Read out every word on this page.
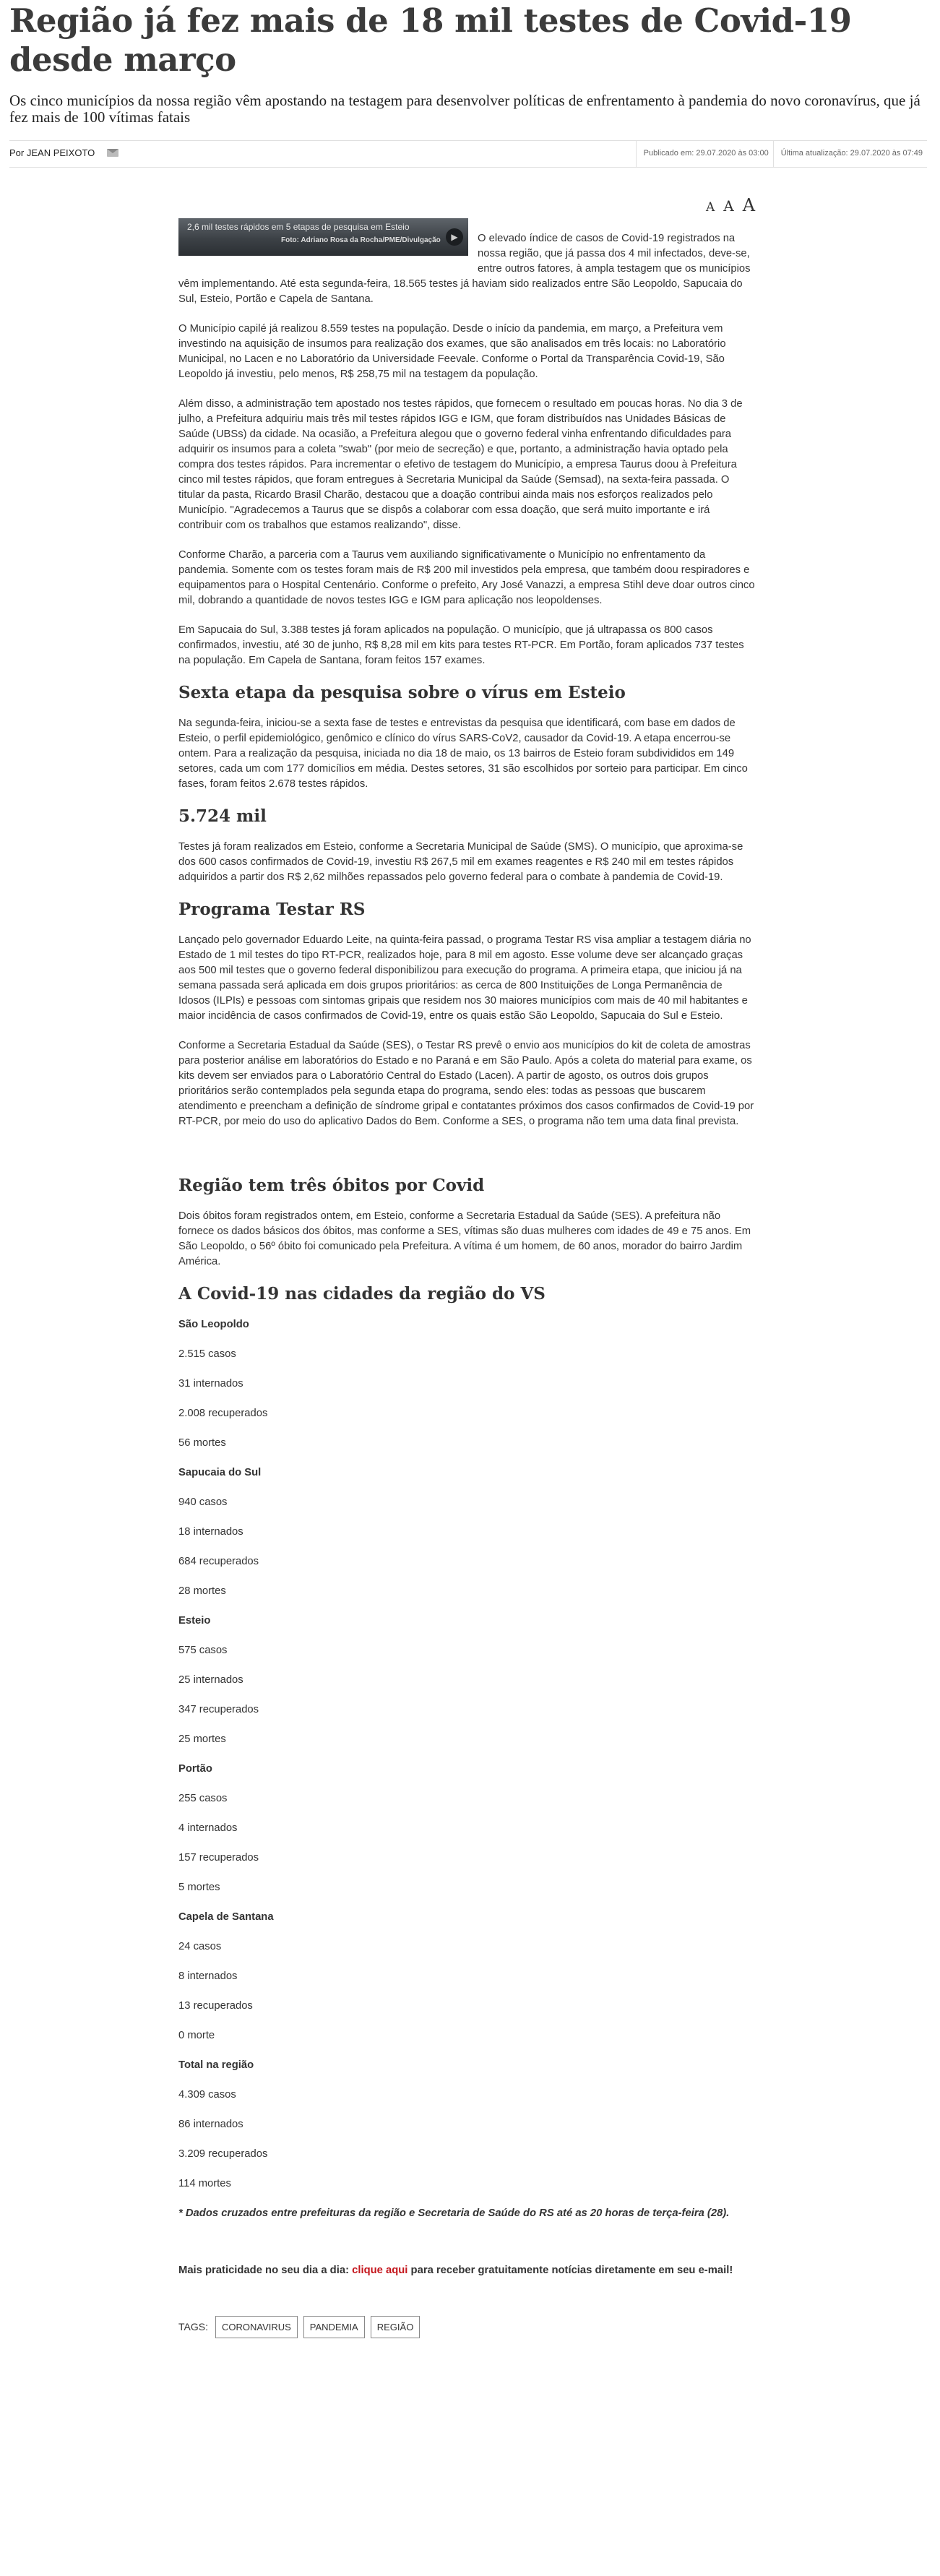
Região já fez mais de 18 mil testes de Covid-19 desde março

Os cinco municípios da nossa região vêm apostando na testagem para desenvolver políticas de enfrentamento à pandemia do novo coronavírus, que já fez mais de 100 vítimas fatais

Por JEAN PEIXOTO	Publicado em: 29.07.2020 às 03:00	Última atualização: 29.07.2020 às 07:49
A A A
2,6 mil testes rápidos em 5 etapas de pesquisa em Esteio
Foto: Adriano Rosa da Rocha/PME/Divulgação	▶	O elevado índice de casos de Covid-19 registrados na nossa região, que já passa dos 4 mil infectados, deve-se, entre outros fatores, à ampla testagem que os municípios vêm implementando. Até esta segunda-feira, 18.565 testes já haviam sido realizados entre São Leopoldo, Sapucaia do Sul, Esteio, Portão e Capela de Santana.

O Município capilé já realizou 8.559 testes na população. Desde o início da pandemia, em março, a Prefeitura vem investindo na aquisição de insumos para realização dos exames, que são analisados em três locais: no Laboratório Municipal, no Lacen e no Laboratório da Universidade Feevale. Conforme o Portal da Transparência Covid-19, São Leopoldo já investiu, pelo menos, R$ 258,75 mil na testagem da população.

Além disso, a administração tem apostado nos testes rápidos, que fornecem o resultado em poucas horas. No dia 3 de julho, a Prefeitura adquiriu mais três mil testes rápidos IGG e IGM, que foram distribuídos nas Unidades Básicas de Saúde (UBSs) da cidade. Na ocasião, a Prefeitura alegou que o governo federal vinha enfrentando dificuldades para adquirir os insumos para a coleta "swab" (por meio de secreção) e que, portanto, a administração havia optado pela compra dos testes rápidos. Para incrementar o efetivo de testagem do Município, a empresa Taurus doou à Prefeitura cinco mil testes rápidos, que foram entregues à Secretaria Municipal da Saúde (Semsad), na sexta-feira passada. O titular da pasta, Ricardo Brasil Charão, destacou que a doação contribui ainda mais nos esforços realizados pelo Município. "Agradecemos a Taurus que se dispôs a colaborar com essa doação, que será muito importante e irá contribuir com os trabalhos que estamos realizando", disse.

Conforme Charão, a parceria com a Taurus vem auxiliando significativamente o Município no enfrentamento da pandemia. Somente com os testes foram mais de R$ 200 mil investidos pela empresa, que também doou respiradores e equipamentos para o Hospital Centenário. Conforme o prefeito, Ary José Vanazzi, a empresa Stihl deve doar outros cinco mil, dobrando a quantidade de novos testes IGG e IGM para aplicação nos leopoldenses.

Em Sapucaia do Sul, 3.388 testes já foram aplicados na população. O município, que já ultrapassa os 800 casos confirmados, investiu, até 30 de junho, R$ 8,28 mil em kits para testes RT-PCR. Em Portão, foram aplicados 737 testes na população. Em Capela de Santana, foram feitos 157 exames.

Sexta etapa da pesquisa sobre o vírus em Esteio

Na segunda-feira, iniciou-se a sexta fase de testes e entrevistas da pesquisa que identificará, com base em dados de Esteio, o perfil epidemiológico, genômico e clínico do vírus SARS-CoV2, causador da Covid-19. A etapa encerrou-se ontem. Para a realização da pesquisa, iniciada no dia 18 de maio, os 13 bairros de Esteio foram subdivididos em 149 setores, cada um com 177 domicílios em média. Destes setores, 31 são escolhidos por sorteio para participar. Em cinco fases, foram feitos 2.678 testes rápidos.

5.724 mil

Testes já foram realizados em Esteio, conforme a Secretaria Municipal de Saúde (SMS). O município, que aproxima-se dos 600 casos confirmados de Covid-19, investiu R$ 267,5 mil em exames reagentes e R$ 240 mil em testes rápidos adquiridos a partir dos R$ 2,62 milhões repassados pelo governo federal para o combate à pandemia de Covid-19.

Programa Testar RS

Lançado pelo governador Eduardo Leite, na quinta-feira passad, o programa Testar RS visa ampliar a testagem diária no Estado de 1 mil testes do tipo RT-PCR, realizados hoje, para 8 mil em agosto. Esse volume deve ser alcançado graças aos 500 mil testes que o governo federal disponibilizou para execução do programa. A primeira etapa, que iniciou já na semana passada será aplicada em dois grupos prioritários: as cerca de 800 Instituições de Longa Permanência de Idosos (ILPIs) e pessoas com sintomas gripais que residem nos 30 maiores municípios com mais de 40 mil habitantes e maior incidência de casos confirmados de Covid-19, entre os quais estão São Leopoldo, Sapucaia do Sul e Esteio.

Conforme a Secretaria Estadual da Saúde (SES), o Testar RS prevê o envio aos municípios do kit de coleta de amostras para posterior análise em laboratórios do Estado e no Paraná e em São Paulo. Após a coleta do material para exame, os kits devem ser enviados para o Laboratório Central do Estado (Lacen). A partir de agosto, os outros dois grupos prioritários serão contemplados pela segunda etapa do programa, sendo eles: todas as pessoas que buscarem atendimento e preencham a definição de síndrome gripal e contatantes próximos dos casos confirmados de Covid-19 por RT-PCR, por meio do uso do aplicativo Dados do Bem. Conforme a SES, o programa não tem uma data final prevista.

Região tem três óbitos por Covid

Dois óbitos foram registrados ontem, em Esteio, conforme a Secretaria Estadual da Saúde (SES). A prefeitura não fornece os dados básicos dos óbitos, mas conforme a SES, vítimas são duas mulheres com idades de 49 e 75 anos. Em São Leopoldo, o 56º óbito foi comunicado pela Prefeitura. A vítima é um homem, de 60 anos, morador do bairro Jardim América.

A Covid-19 nas cidades da região do VS

São Leopoldo

2.515 casos

31 internados

2.008 recuperados

56 mortes

Sapucaia do Sul

940 casos

18 internados

684 recuperados

28 mortes

Esteio

575 casos

25 internados

347 recuperados

25 mortes

Portão

255 casos

4 internados

157 recuperados

5 mortes

Capela de Santana

24 casos

8 internados

13 recuperados

0 morte

Total na região

4.309 casos

86 internados

3.209 recuperados

114 mortes

* Dados cruzados entre prefeituras da região e Secretaria de Saúde do RS até as 20 horas de terça-feira (28).

Mais praticidade no seu dia a dia: clique aqui para receber gratuitamente notícias diretamente em seu e-mail!

TAGS:	CORONAVIRUS	PANDEMIA	REGIÃO
